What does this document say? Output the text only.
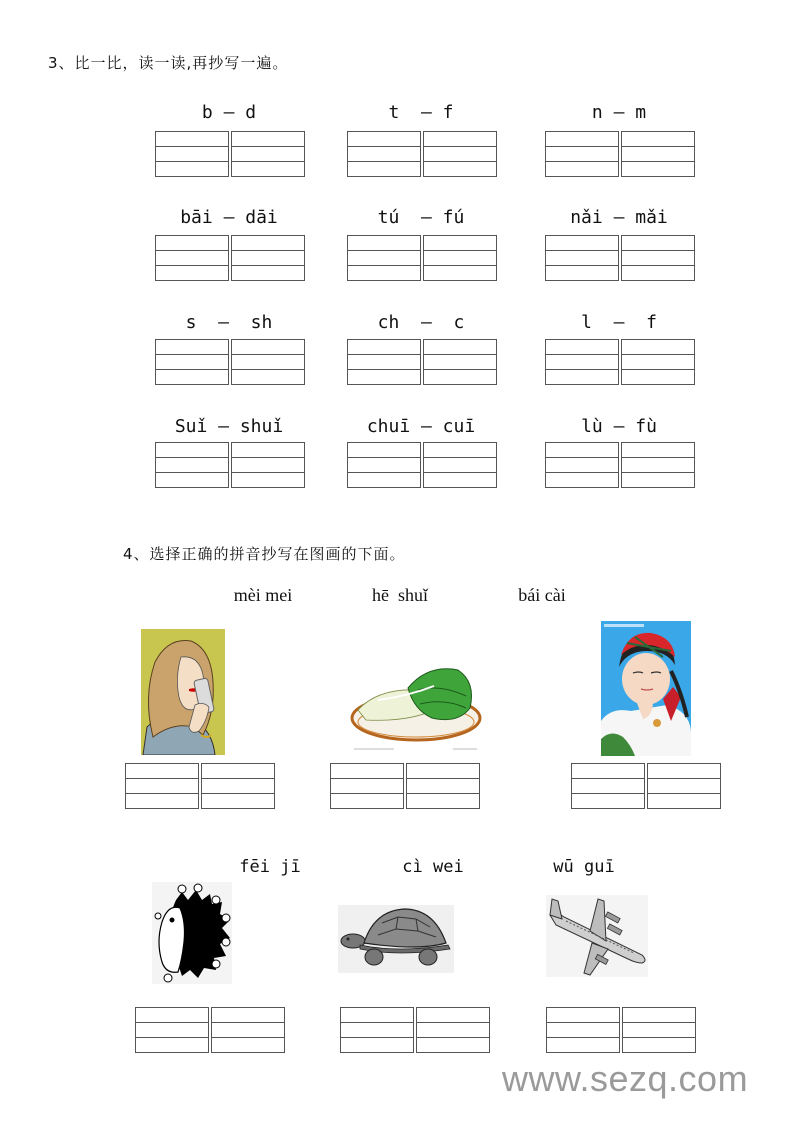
3、比一比，读一读,再抄写一遍。
b — d	t  — f	n — m
bāi — dāi	tú  — fú	nǎi — mǎi
s  —  sh	ch  —  c	l  —  f
Suǐ — shuǐ	chuī — cuī	lù — fù
4、选择正确的拼音抄写在图画的下面。
mèi mei	hē  shuǐ	bái cài
fēi jī	cì wei	wū guī
www.sezq.com
